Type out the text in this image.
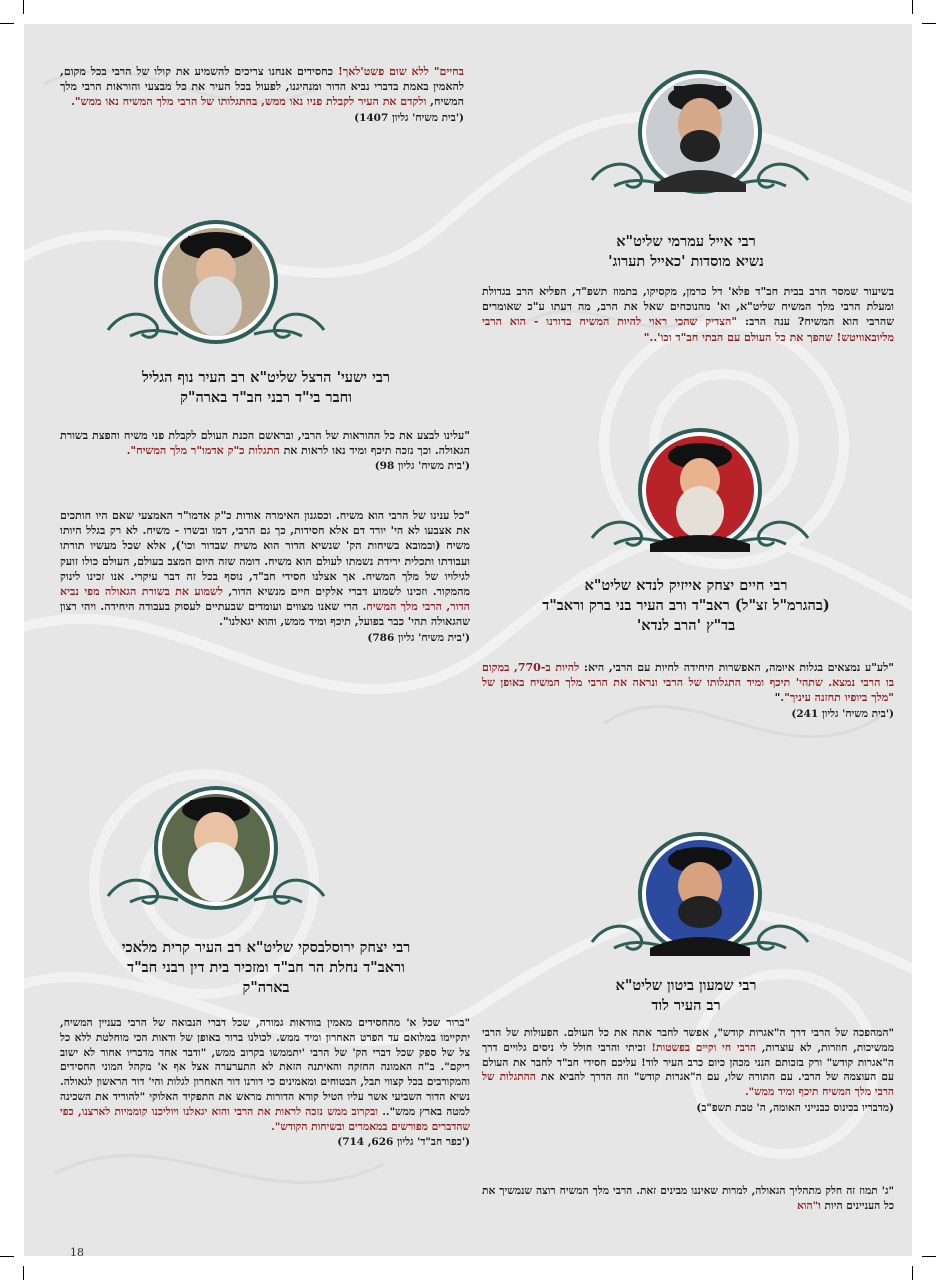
בחיים" ללא שום פשט'לאך! כחסידים אנחנו צריכים להשמיע את קולו של הרבי בכל מקום, להאמין באמת בדברי נביא הדור ומנהיגנו, לפעול בכל העיר את כל מבצעי והוראות הרבי מלך המשיח, ולקדם את העיר לקבלת פניו נאו ממש, בהתגלותו של הרבי מלך המשיח נאו ממש".
('בית משיח' גליון 1407)
רבי אייל עמרמי שליט"א
נשיא מוסדות 'כאייל תערוג'
בשיעור שמסר הרב בבית חב"ד פלא' דל כרמן, מקסיקו, בתמוז תשפ"ד, הפליא הרב בגדולת ומעלת הרבי מלך המשיח שליט"א, וא' מהנוכחים שאל את הרב, מה דעתו ע"כ שאומרים שהרבי הוא המשיח? ענה הרב: "הצדיק שהכי ראוי להיות המשיח בדורנו - הוא הרבי מליובאוויטש! שהפך את כל העולם עם הבתי חב"ד וכו'.."
רבי ישעי' הרצל שליט"א רב העיר נוף הגליל
וחבר בי"ד רבני חב"ד בארה"ק
"עלינו לבצע את כל ההוראות של הרבי, ובראשם הכנת העולם לקבלת פני משיח והפצת בשורת הגאולה. וכך נזכה תיכף ומיד נאו לראות את התגלות כ"ק אדמו"ר מלך המשיח".
('בית משיח' גליון 98)
"כל ענינו של הרבי הוא משיח. וכסגנון האימרה אודות כ"ק אדמו"ר האמצעי שאם היו חותכים את אצבעו לא הי' יורד דם אלא חסידות, כך גם הרבי, דמו ובשרו - משיח. לא רק בגלל היותו משיח (ובמובא בשיחות הק' שנשיא הדור הוא משיח שבדור וכו'), אלא שכל מעשיו תורתו ועבודתו ותכלית ירידת נשמתו לעולם הוא משיח. דומה שזה היום המצב בעולם, העולם כולו זועק לגילויו של מלך המשיח. אך אצלנו חסידי חב"ד, נוסף בכל זה דבר עיקרי. אנו זכינו לינוק מהמקור. וזכינו לשמוע דברי אלקים חיים מנשיא הדור, לשמוע את בשורת הגאולה מפי נביא הדור, הרבי מלך המשיח. הרי שאנו מצווים ועומדים שבעתיים לעסוק בעבודה היחידה. ויהי רצון שהגאולה תהי' כבר בפועל, תיכף ומיד ממש, והוא יגאלנו".
('בית משיח' גליון 786)
רבי חיים יצחק אייזיק לנדא שליט"א
(בהגרמ"ל זצ"ל) ראב"ד ורב העיר בני ברק וראב"ד
בד"ץ 'הרב לנדא'
"לע"ע נמצאים בגלות איומה, האפשרות היחידה לחיות עם הרבי, היא: להיות ב-770, במקום בו הרבי נמצא. שתהי' תיכף ומיד התגלותו של הרבי ונראה את הרבי מלך המשיח באופן של "מלך ביופיו תחזנה עיניך"."
('בית משיח' גליון 241)
רבי יצחק ירוסלבסקי שליט"א רב העיר קרית מלאכי
וראב"ד נחלת הר חב"ד ומזכיר בית דין רבני חב"ד
בארה"ק
"ברור שכל א' מהחסידים מאמין בוודאות גמורה, שכל דברי הנבואה של הרבי בעניין המשיח, יתקיימו במלואם עד הפרט האחרון ומיד ממש. לכולנו ברור באופן של ודאות הכי מוחלטת ללא כל צל של ספק שכל דברי הק' של הרבי 'יתממשו בקרוב ממש, "ודבר אחד מדבריו אחור לא ישוב ריקם". ב"ה האמונה החזקה והאיתנה הזאת לא התערערה אצל אף א' מקהל המוני החסידים והמקורבים בכל קצווי תבל, הבטוחים ומאמינים כי דורנו דור האחרון לגלות והי' דור הראשון לגאולה. נשיא הדור השביעי אשר עליו הטיל קורא הדורות מראש את התפקיד האלוקי "להוריד את השכינה למטה בארץ ממש".. ובקרוב ממש נזכה לראות את הרבי והוא יגאלנו ויוליכנו קוממיות לארצנו, כפי שהדברים מפורשים במאמרים ובשיחות הקודש".
('כפר חב"ד' גליון 626, 714)
רבי שמעון ביטון שליט"א
רב העיר לוד
"המהפכה של הרבי דרך ה"אגרות קודש", אפשר לחבר אתה את כל העולם. הפעולות של הרבי ממשיכות, חוזרות, לא עוצרות, הרבי חי וקיים בפשטות! זכיתי והרבי חולל לי ניסים גלויים דרך ה"אגרות קודש" ורק בזכותם הנני מכהן כיום כרב העיר לוד! עליכם חסידי חב"ד לחבר את העולם עם העוצמה של הרבי. עם התורה שלו, עם ה"אגרות קודש" וזה הדרך להביא את ההתגלות של הרבי מלך המשיח תיכף ומיד ממש".
(מדבריו בכינוס כבנייני האומה, ה' טבת תשפ"ב)
"ג' תמוז זה חלק מתהליך הגאולה, למרות שאיננו מבינים זאת. הרבי מלך המשיח רוצה שנמשיך את כל העניינים היות ו"הוא
18
